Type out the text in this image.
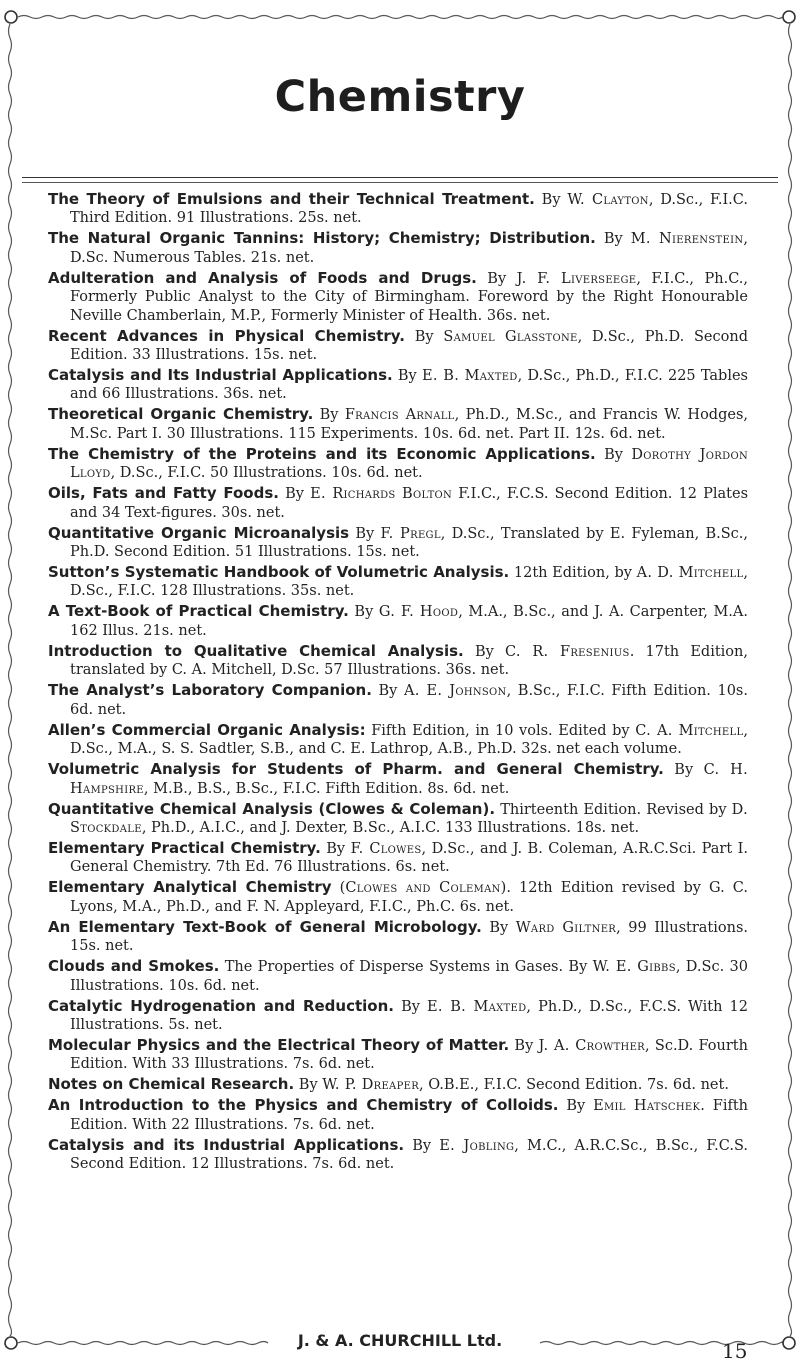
Chemistry

The Theory of Emulsions and their Technical Treatment. By W. Clayton, D.Sc., F.I.C. Third Edition. 91 Illustrations. 25s. net.

The Natural Organic Tannins: History; Chemistry; Distribution. By M. Nierenstein, D.Sc. Numerous Tables. 21s. net.

Adulteration and Analysis of Foods and Drugs. By J. F. Liverseege, F.I.C., Ph.C., Formerly Public Analyst to the City of Birmingham. Foreword by the Right Honourable Neville Chamberlain, M.P., Formerly Minister of Health. 36s. net.

Recent Advances in Physical Chemistry. By Samuel Glasstone, D.Sc., Ph.D. Second Edition. 33 Illustrations. 15s. net.

Catalysis and Its Industrial Applications. By E. B. Maxted, D.Sc., Ph.D., F.I.C. 225 Tables and 66 Illustrations. 36s. net.

Theoretical Organic Chemistry. By Francis Arnall, Ph.D., M.Sc., and Francis W. Hodges, M.Sc. Part I. 30 Illustrations. 115 Experiments. 10s. 6d. net. Part II. 12s. 6d. net.

The Chemistry of the Proteins and its Economic Applications. By Dorothy Jordon Lloyd, D.Sc., F.I.C. 50 Illustrations. 10s. 6d. net.

Oils, Fats and Fatty Foods. By E. Richards Bolton F.I.C., F.C.S. Second Edition. 12 Plates and 34 Text-figures. 30s. net.

Quantitative Organic Microanalysis By F. Pregl, D.Sc., Translated by E. Fyleman, B.Sc., Ph.D. Second Edition. 51 Illustrations. 15s. net.

Sutton’s Systematic Handbook of Volumetric Analysis. 12th Edition, by A. D. Mitchell, D.Sc., F.I.C. 128 Illustrations. 35s. net.

A Text-Book of Practical Chemistry. By G. F. Hood, M.A., B.Sc., and J. A. Carpenter, M.A. 162 Illus. 21s. net.

Introduction to Qualitative Chemical Analysis. By C. R. Fresenius. 17th Edition, translated by C. A. Mitchell, D.Sc. 57 Illustrations. 36s. net.

The Analyst’s Laboratory Companion. By A. E. Johnson, B.Sc., F.I.C. Fifth Edition. 10s. 6d. net.

Allen’s Commercial Organic Analysis: Fifth Edition, in 10 vols. Edited by C. A. Mitchell, D.Sc., M.A., S. S. Sadtler, S.B., and C. E. Lathrop, A.B., Ph.D. 32s. net each volume.

Volumetric Analysis for Students of Pharm. and General Chemistry. By C. H. Hampshire, M.B., B.S., B.Sc., F.I.C. Fifth Edition. 8s. 6d. net.

Quantitative Chemical Analysis (Clowes & Coleman). Thirteenth Edition. Revised by D. Stockdale, Ph.D., A.I.C., and J. Dexter, B.Sc., A.I.C. 133 Illustrations. 18s. net.

Elementary Practical Chemistry. By F. Clowes, D.Sc., and J. B. Coleman, A.R.C.Sci. Part I. General Chemistry. 7th Ed. 76 Illustrations. 6s. net.

Elementary Analytical Chemistry (Clowes and Coleman). 12th Edition revised by G. C. Lyons, M.A., Ph.D., and F. N. Appleyard, F.I.C., Ph.C. 6s. net.

An Elementary Text-Book of General Microbology. By Ward Giltner, 99 Illustrations. 15s. net.

Clouds and Smokes. The Properties of Disperse Systems in Gases. By W. E. Gibbs, D.Sc. 30 Illustrations. 10s. 6d. net.

Catalytic Hydrogenation and Reduction. By E. B. Maxted, Ph.D., D.Sc., F.C.S. With 12 Illustrations. 5s. net.

Molecular Physics and the Electrical Theory of Matter. By J. A. Crowther, Sc.D. Fourth Edition. With 33 Illustrations. 7s. 6d. net.

Notes on Chemical Research. By W. P. Dreaper, O.B.E., F.I.C. Second Edition. 7s. 6d. net.

An Introduction to the Physics and Chemistry of Colloids. By Emil Hatschek. Fifth Edition. With 22 Illustrations. 7s. 6d. net.

Catalysis and its Industrial Applications. By E. Jobling, M.C., A.R.C.Sc., B.Sc., F.C.S. Second Edition. 12 Illustrations. 7s. 6d. net.

J. & A. CHURCHILL Ltd.	15
